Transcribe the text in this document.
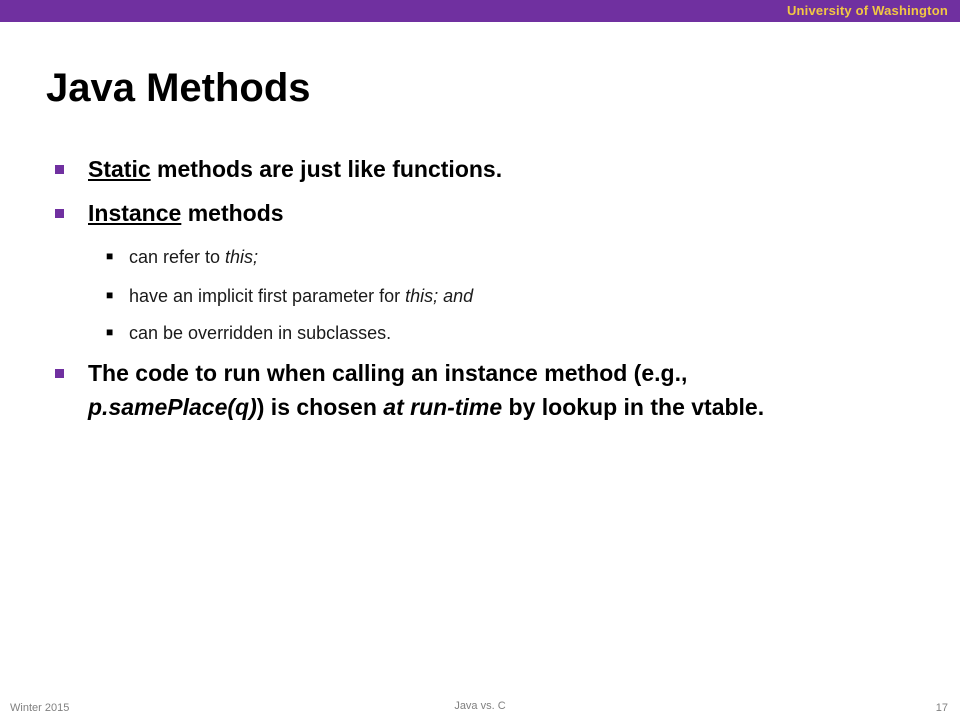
University of Washington
Java Methods
Static methods are just like functions.
Instance methods
■ can refer to this;
■ have an implicit first parameter for this; and
■ can be overridden in subclasses.
The code to run when calling an instance method (e.g.,
p.samePlace(q)) is chosen at run-time by lookup in the vtable.
Winter 2015	Java vs. C	17
